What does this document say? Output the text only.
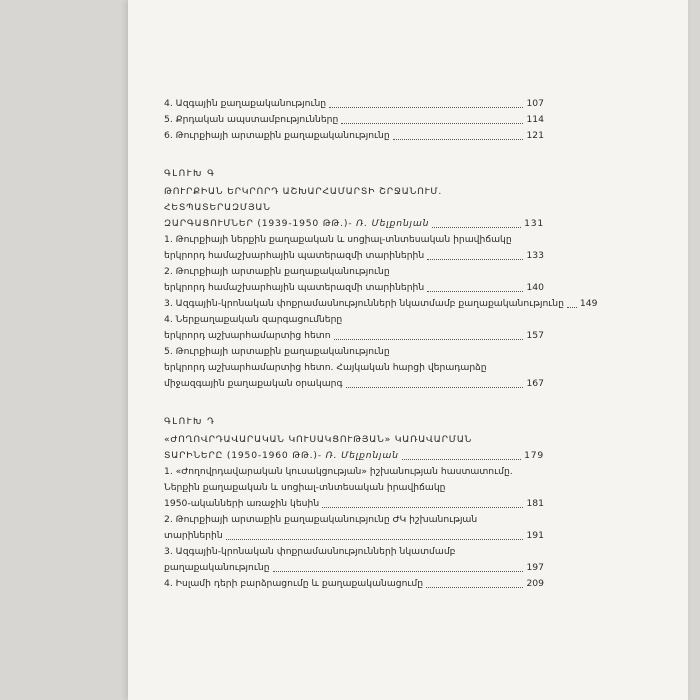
4. Ազգային քաղաքականությունը	107
5. Քրդական ապստամբությունները	114
6. Թուրքիայի արտաքին քաղաքականությունը	121
ԳԼՈՒԽ Գ
ԹՈՒՐՔԻԱՆ ԵՐԿՐՈՐԴ ԱՇԽԱՐՀԱՄԱՐՏԻ ՇՐՋԱՆՈՒՄ.
ՀԵՏՊԱՏԵՐԱԶՄՅԱՆ
ԶԱՐԳԱՑՈՒՄՆԵՐ (1939-1950 ԹԹ.) - Ռ. Մելքոնյան	131
1. Թուրքիայի ներքին քաղաքական և սոցիալ-տնտեսական իրավիճակը
երկրորդ համաշխարհային պատերազմի տարիներին	133
2. Թուրքիայի արտաքին քաղաքականությունը
երկրորդ համաշխարհային պատերազմի տարիներին	140
3. Ազգային-կրոնական փոքրամասնությունների նկատմամբ քաղաքականությունը 149
4. Ներքաղաքական զարգացումները
երկրորդ աշխարհամարտից հետո	157
5. Թուրքիայի արտաքին քաղաքականությունը
երկրորդ աշխարհամարտից հետո. Հայկական հարցի վերադարձը
միջազգային քաղաքական օրակարգ	167
ԳԼՈՒԽ Դ
«ԺՈՂՈՎՐԴԱՎԱՐԱԿԱՆ ԿՈՒՍԱԿՑՈՒԹՅԱՆ» ԿԱՌԱՎԱՐՄԱՆ
ՏԱՐԻՆԵՐԸ (1950-1960 ԹԹ.) - Ռ. Մելքոնյան	179
1. «Ժողովրդավարական կուսակցության» իշխանության հաստատումը.
Ներքին քաղաքական և սոցիալ-տնտեսական իրավիճակը
1950-ականների առաջին կեսին	181
2. Թուրքիայի արտաքին քաղաքականությունը ԺԿ իշխանության
տարիներին	191
3. Ազգային-կրոնական փոքրամասնությունների նկատմամբ
քաղաքականությունը	197
4. Իսլամի դերի բարձրացումը և քաղաքականացումը	209
